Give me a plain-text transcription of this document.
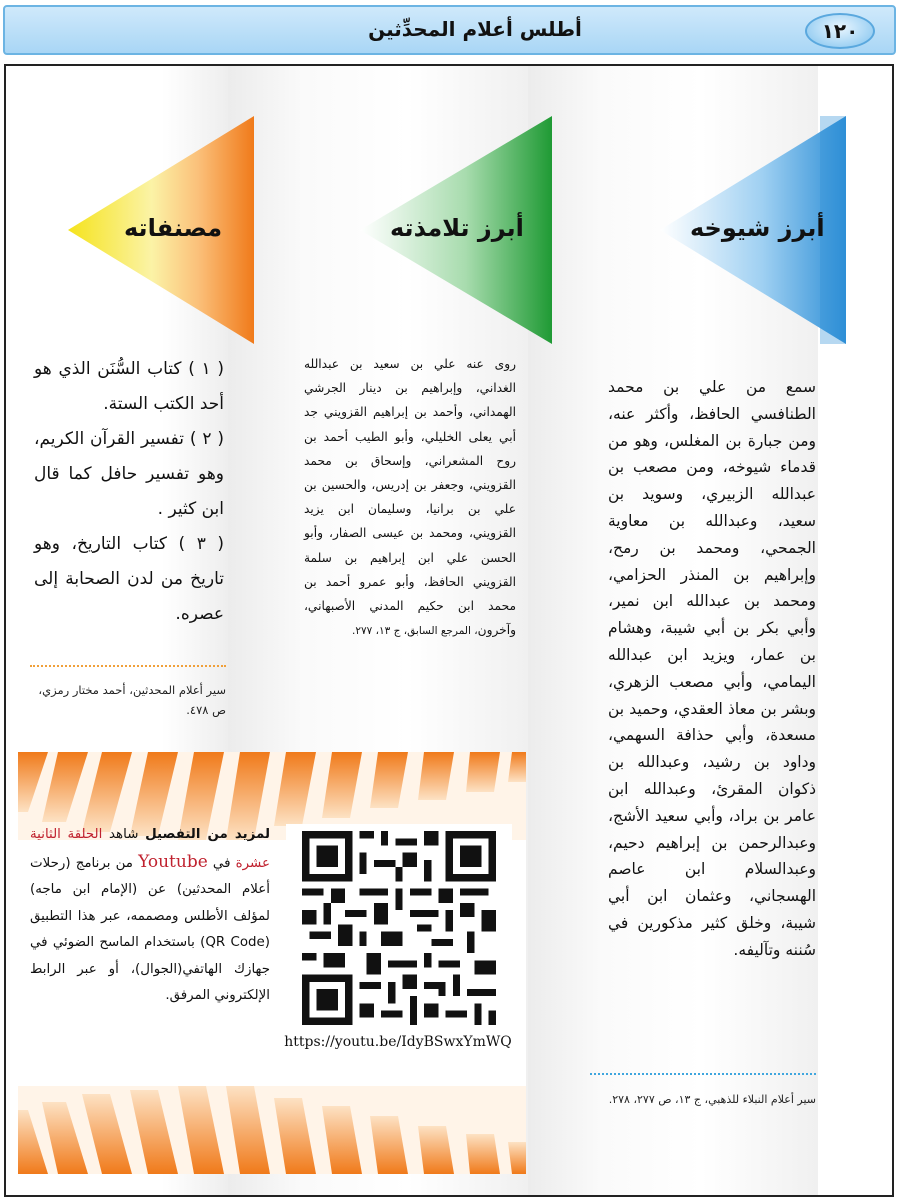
١٢٠
أطلس أعلام المحدِّثين
أبرز شيوخه
أبرز تلامذته
مصنفاته
سمع من علي بن محمد الطنافسي الحافظ، وأكثر عنه، ومن جبارة بن المغلس، وهو من قدماء شيوخه، ومن مصعب بن عبدالله الزبيري، وسويد بن سعيد، وعبدالله بن معاوية الجمحي، ومحمد بن رمح، وإبراهيم بن المنذر الحزامي، ومحمد بن عبدالله ابن نمير، وأبي بكر بن أبي شيبة، وهشام بن عمار، ويزيد ابن عبدالله اليمامي، وأبي مصعب الزهري، وبشر بن معاذ العقدي، وحميد بن مسعدة، وأبي حذافة السهمي، وداود بن رشيد، وعبدالله بن ذكوان المقرئ، وعبدالله ابن عامر بن براد، وأبي سعيد الأشج، وعبدالرحمن بن إبراهيم دحيم، وعبدالسلام ابن عاصم الهسجاني، وعثمان ابن أبي شيبة، وخلق كثير مذكورين في سُننه وتآليفه.
سير أعلام النبلاء للذهبي، ج ١٣، ص ٢٧٧، ٢٧٨.
روى عنه علي بن سعيد بن عبدالله الغداني، وإبراهيم بن دينار الجرشي الهمداني، وأحمد بن إبراهيم القزويني جد أبي يعلى الخليلي، وأبو الطيب أحمد بن روح المشعراني، وإسحاق بن محمد القزويني، وجعفر بن إدريس، والحسين بن علي بن برانيا، وسليمان ابن يزيد القزويني، ومحمد بن عيسى الصفار، وأبو الحسن علي ابن إبراهيم بن سلمة القزويني الحافظ، وأبو عمرو أحمد بن محمد ابن حكيم المدني الأصبهاني، وآخرون، المرجع السابق، ج ١٣، ٢٧٧.
( ١ ) كتاب السُّنَن الذي هو أحد الكتب الستة.
( ٢ ) تفسير القرآن الكريم، وهو تفسير حافل كما قال ابن كثير .
( ٣ ) كتاب التاريخ، وهو تاريخ من لدن الصحابة إلى عصره.
سير أعلام المحدثين، أحمد مختار رمزي، ص ٤٧٨.
https://youtu.be/IdyBSwxYmWQ
لمزيد من التفصيل شاهد الحلقة الثانية عشرة في Youtube من برنامج (رحلات أعلام المحدثين) عن (الإمام ابن ماجه) لمؤلف الأطلس ومصممه، عبر هذا التطبيق (QR Code) باستخدام الماسح الضوئي في جهازك الهاتفي(الجوال)، أو عبر الرابط الإلكتروني المرفق.
